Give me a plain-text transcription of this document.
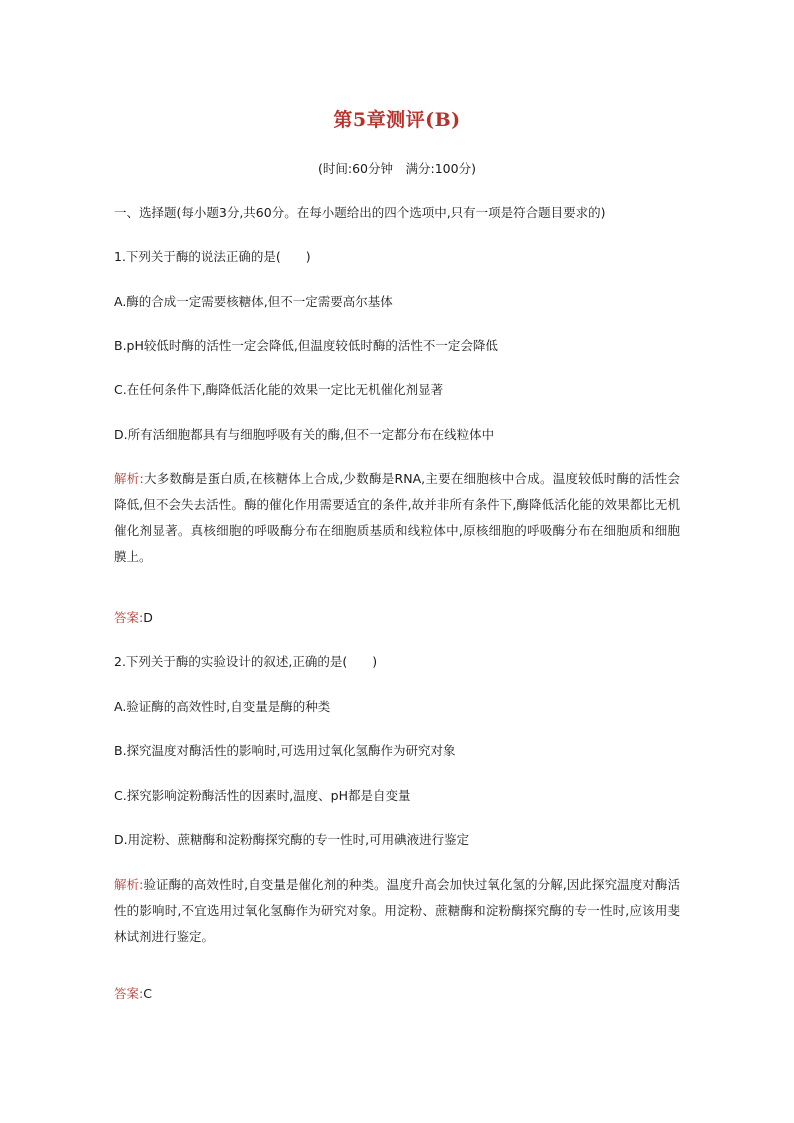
第5章测评(B)
(时间:60分钟　满分:100分)
一、选择题(每小题3分,共60分。在每小题给出的四个选项中,只有一项是符合题目要求的)
1.下列关于酶的说法正确的是(　　)
A.酶的合成一定需要核糖体,但不一定需要高尔基体
B.pH较低时酶的活性一定会降低,但温度较低时酶的活性不一定会降低
C.在任何条件下,酶降低活化能的效果一定比无机催化剂显著
D.所有活细胞都具有与细胞呼吸有关的酶,但不一定都分布在线粒体中
解析:大多数酶是蛋白质,在核糖体上合成,少数酶是RNA,主要在细胞核中合成。温度较低时酶的活性会降低,但不会失去活性。酶的催化作用需要适宜的条件,故并非所有条件下,酶降低活化能的效果都比无机催化剂显著。真核细胞的呼吸酶分布在细胞质基质和线粒体中,原核细胞的呼吸酶分布在细胞质和细胞膜上。
答案:D
2.下列关于酶的实验设计的叙述,正确的是(　　)
A.验证酶的高效性时,自变量是酶的种类
B.探究温度对酶活性的影响时,可选用过氧化氢酶作为研究对象
C.探究影响淀粉酶活性的因素时,温度、pH都是自变量
D.用淀粉、蔗糖酶和淀粉酶探究酶的专一性时,可用碘液进行鉴定
解析:验证酶的高效性时,自变量是催化剂的种类。温度升高会加快过氧化氢的分解,因此探究温度对酶活性的影响时,不宜选用过氧化氢酶作为研究对象。用淀粉、蔗糖酶和淀粉酶探究酶的专一性时,应该用斐林试剂进行鉴定。
答案:C
